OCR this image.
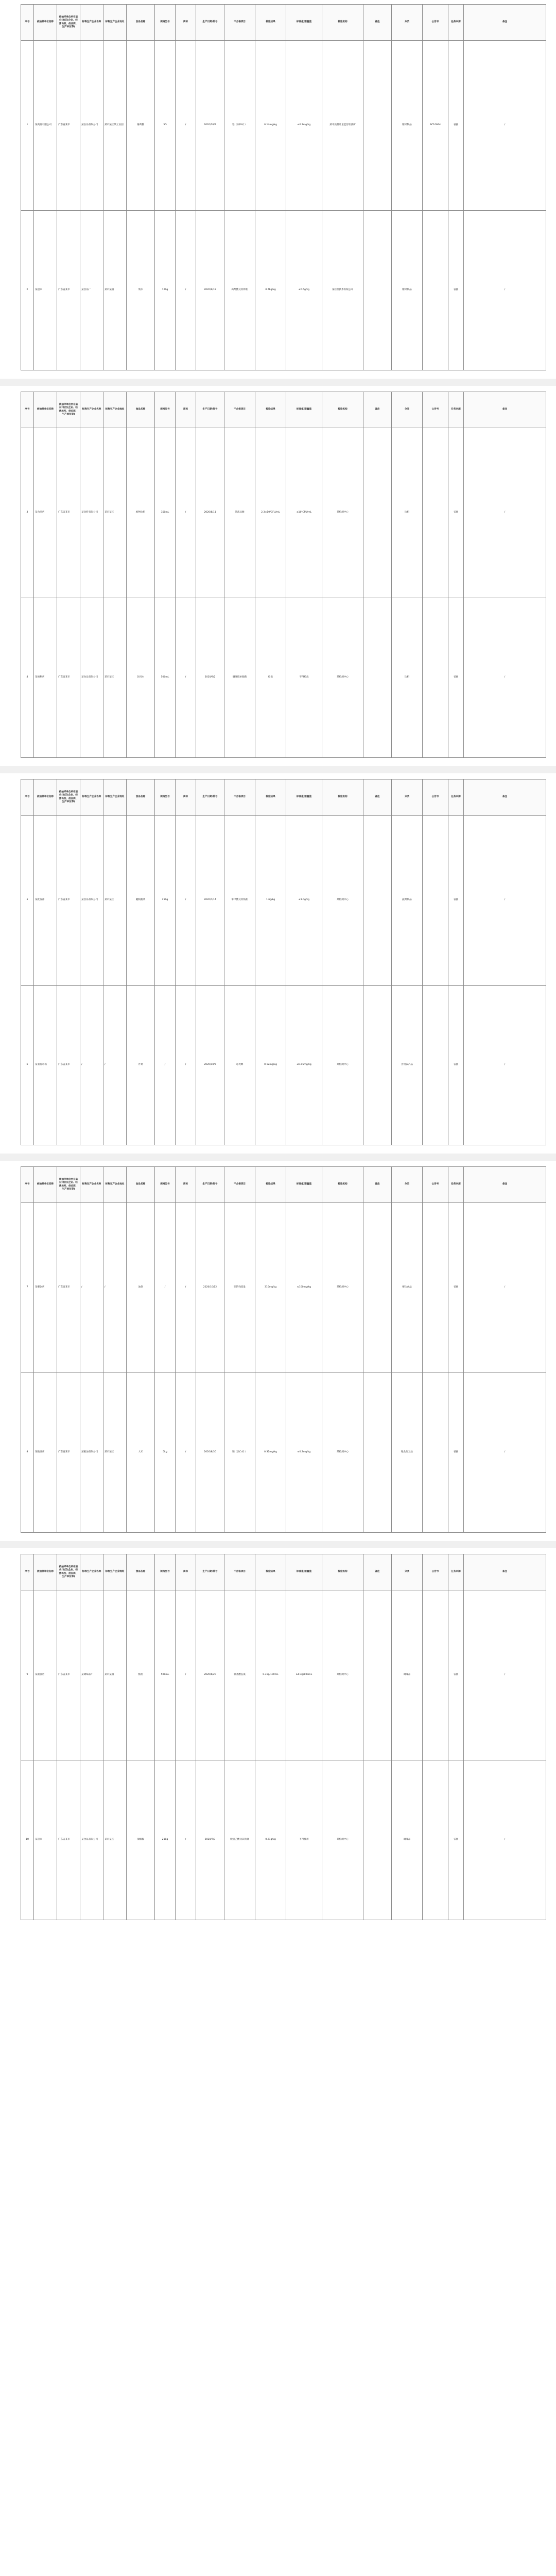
序号	被抽样单位名称	被抽样单位所在省份/地区(企业、经营场所、供应商、生产单位等)	标称生产企业名称	标称生产企业地址	食品名称	规格型号	商标	生产日期/批号	不合格项目	检验结果	标准值/限量值	检验机构	备注	分类	公告号	任务来源	备注
1	某商贸有限公司	广东省某市	某食品有限公司	某市某区某工业园	薄荷糖	3G	/	2020/10/9	铅（以Pb计）	0.14mg/kg	≤0.1mg/kg	某市质量计量监督检测所		糖果制品	SC10844	省抽	/
2	某超市	广东省某市	某食品厂	某市某镇	果冻	120g	/	2020/9/18	山梨酸及其钾盐	0.76g/kg	≤0.5g/kg	某检测技术有限公司		糖果制品		省抽	/
序号	被抽样单位名称	被抽样单位所在省份/地区(企业、经营场所、供应商、生产单位等)	标称生产企业名称	标称生产企业地址	食品名称	规格型号	商标	生产日期/批号	不合格项目	检验结果	标准值/限量值	检验机构	备注	分类	公告号	任务来源	备注
3	某食品店	广东省某市	某饮料有限公司	某市某区	植物饮料	350mL	/	2020/8/11	菌落总数	2.3×10⁴CFU/mL	≤10²CFU/mL	某检测中心		饮料		省抽	/
4	某便利店	广东省某市	某食品有限公司	某市某区	饮用水	500mL	/	2020/9/2	铜绿假单胞菌	检出	不得检出	某检测中心		饮料		省抽	/
序号	被抽样单位名称	被抽样单位所在省份/地区(企业、经营场所、供应商、生产单位等)	标称生产企业名称	标称生产企业地址	食品名称	规格型号	商标	生产日期/批号	不合格项目	检验结果	标准值/限量值	检验机构	备注	分类	公告号	任务来源	备注
5	某批发部	广东省某市	某食品有限公司	某市某区	腌制蔬菜	250g	/	2020/7/14	苯甲酸及其钠盐	1.6g/kg	≤1.0g/kg	某检测中心		蔬菜制品		省抽	/
6	某农贸市场	广东省某市	/	/	芹菜	/	/	2020/10/5	毒死蜱	0.12mg/kg	≤0.05mg/kg	某检测中心		食用农产品		省抽	/
序号	被抽样单位名称	被抽样单位所在省份/地区(企业、经营场所、供应商、生产单位等)	标称生产企业名称	标称生产企业地址	食品名称	规格型号	商标	生产日期/批号	不合格项目	检验结果	标准值/限量值	检验机构	备注	分类	公告号	任务来源	备注
7	某餐饮店	广东省某市	/	/	油条	/	/	2020/10/12	铝的残留量	310mg/kg	≤100mg/kg	某检测中心		餐饮食品		省抽	/
8	某粮油店	广东省某市	某粮油有限公司	某市某区	大米	5kg	/	2020/8/30	镉（以Cd计）	0.32mg/kg	≤0.2mg/kg	某检测中心		粮食加工品		省抽	/
序号	被抽样单位名称	被抽样单位所在省份/地区(企业、经营场所、供应商、生产单位等)	标称生产企业名称	标称生产企业地址	食品名称	规格型号	商标	生产日期/批号	不合格项目	检验结果	标准值/限量值	检验机构	备注	分类	公告号	任务来源	备注
9	某副食店	广东省某市	某调味品厂	某市某镇	酱油	500mL	/	2020/6/20	氨基酸态氮	0.31g/100mL	≥0.4g/100mL	某检测中心		调味品		省抽	/
10	某超市	广东省某市	某食品有限公司	某市某区	辣椒酱	210g	/	2020/7/7	脱氢乙酸及其钠盐	0.21g/kg	不得使用	某检测中心		调味品		省抽	/
